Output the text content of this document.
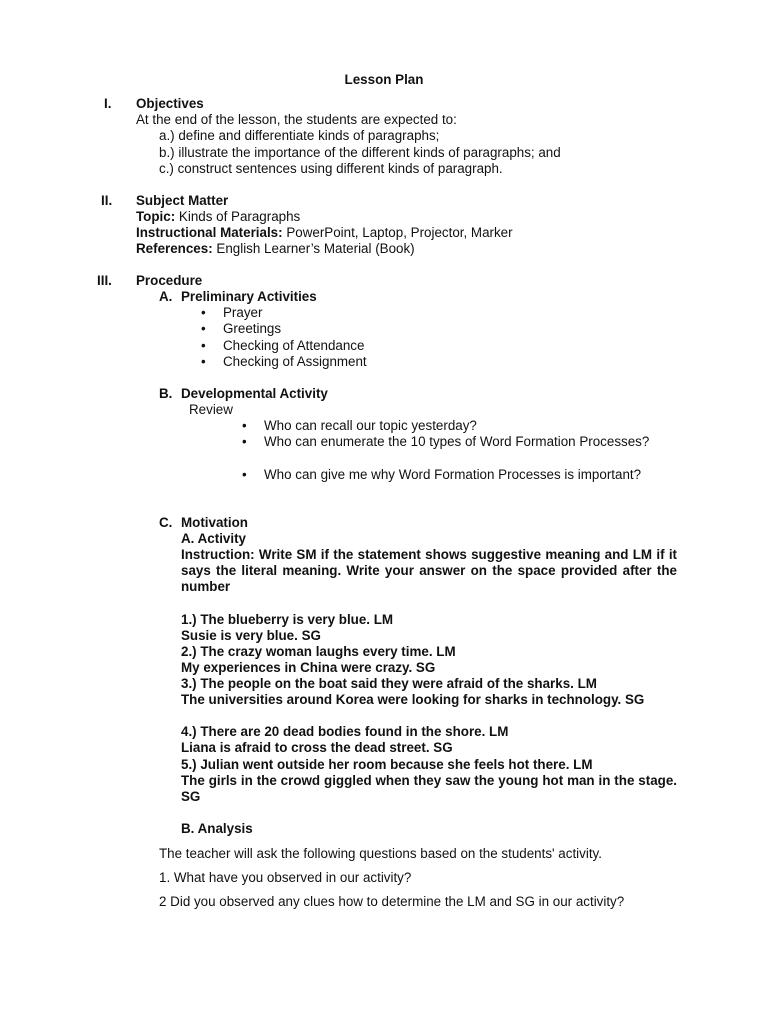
Lesson Plan
I. Objectives
At the end of the lesson, the students are expected to:
a.) define and differentiate kinds of paragraphs;
b.) illustrate the importance of the different kinds of paragraphs; and
c.) construct sentences using different kinds of paragraph.
II. Subject Matter
Topic: Kinds of Paragraphs
Instructional Materials: PowerPoint, Laptop, Projector, Marker
References: English Learner’s Material (Book)
III. Procedure
A. Preliminary Activities
• Prayer
• Greetings
• Checking of Attendance
• Checking of Assignment
B. Developmental Activity
Review
• Who can recall our topic yesterday?
• Who can enumerate the 10 types of Word Formation Processes?
• Who can give me why Word Formation Processes is important?
C. Motivation
A. Activity
Instruction: Write SM if the statement shows suggestive meaning and LM if it says the literal meaning. Write your answer on the space provided after the number
1.) The blueberry is very blue. LM
Susie is very blue. SG
2.) The crazy woman laughs every time. LM
My experiences in China were crazy. SG
3.) The people on the boat said they were afraid of the sharks. LM
The universities around Korea were looking for sharks in technology. SG
4.) There are 20 dead bodies found in the shore. LM
Liana is afraid to cross the dead street. SG
5.) Julian went outside her room because she feels hot there. LM
The girls in the crowd giggled when they saw the young hot man in the stage. SG
B. Analysis
The teacher will ask the following questions based on the students' activity.
1. What have you observed in our activity?
2 Did you observed any clues how to determine the LM and SG in our activity?
